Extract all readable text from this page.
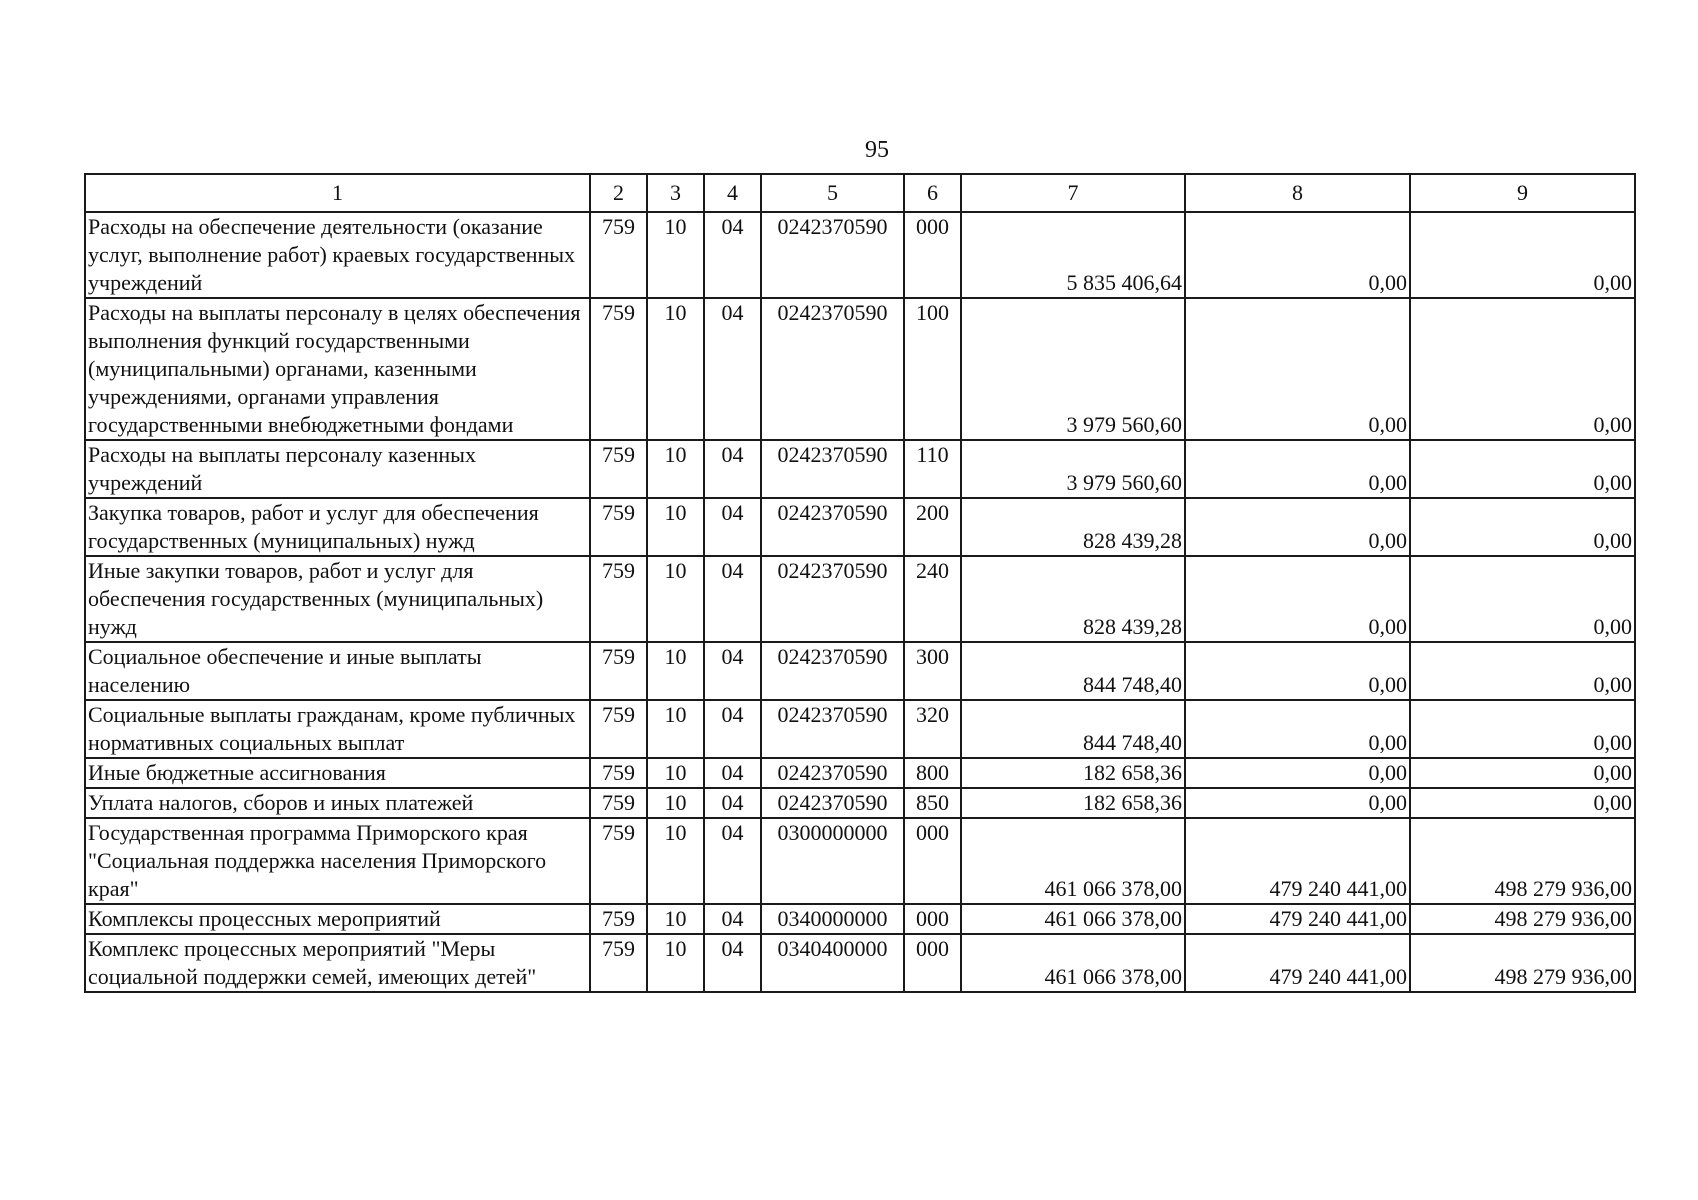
95
1	2	3	4	5	6	7	8	9
Расходы на обеспечение деятельности (оказание услуг, выполнение работ) краевых государственных учреждений	759	10	04	0242370590	000	5 835 406,64	0,00	0,00
Расходы на выплаты персоналу в целях обеспечения выполнения функций государственными (муниципальными) органами, казенными учреждениями, органами управления государственными внебюджетными фондами	759	10	04	0242370590	100	3 979 560,60	0,00	0,00
Расходы на выплаты персоналу казенных учреждений	759	10	04	0242370590	110	3 979 560,60	0,00	0,00
Закупка товаров, работ и услуг для обеспечения государственных (муниципальных) нужд	759	10	04	0242370590	200	828 439,28	0,00	0,00
Иные закупки товаров, работ и услуг для обеспечения государственных (муниципальных) нужд	759	10	04	0242370590	240	828 439,28	0,00	0,00
Социальное обеспечение и иные выплаты населению	759	10	04	0242370590	300	844 748,40	0,00	0,00
Социальные выплаты гражданам, кроме публичных нормативных социальных выплат	759	10	04	0242370590	320	844 748,40	0,00	0,00
Иные бюджетные ассигнования	759	10	04	0242370590	800	182 658,36	0,00	0,00
Уплата налогов, сборов и иных платежей	759	10	04	0242370590	850	182 658,36	0,00	0,00
Государственная программа Приморского края "Социальная поддержка населения Приморского края"	759	10	04	0300000000	000	461 066 378,00	479 240 441,00	498 279 936,00
Комплексы процессных мероприятий	759	10	04	0340000000	000	461 066 378,00	479 240 441,00	498 279 936,00
Комплекс процессных мероприятий "Меры социальной поддержки семей, имеющих детей"	759	10	04	0340400000	000	461 066 378,00	479 240 441,00	498 279 936,00
